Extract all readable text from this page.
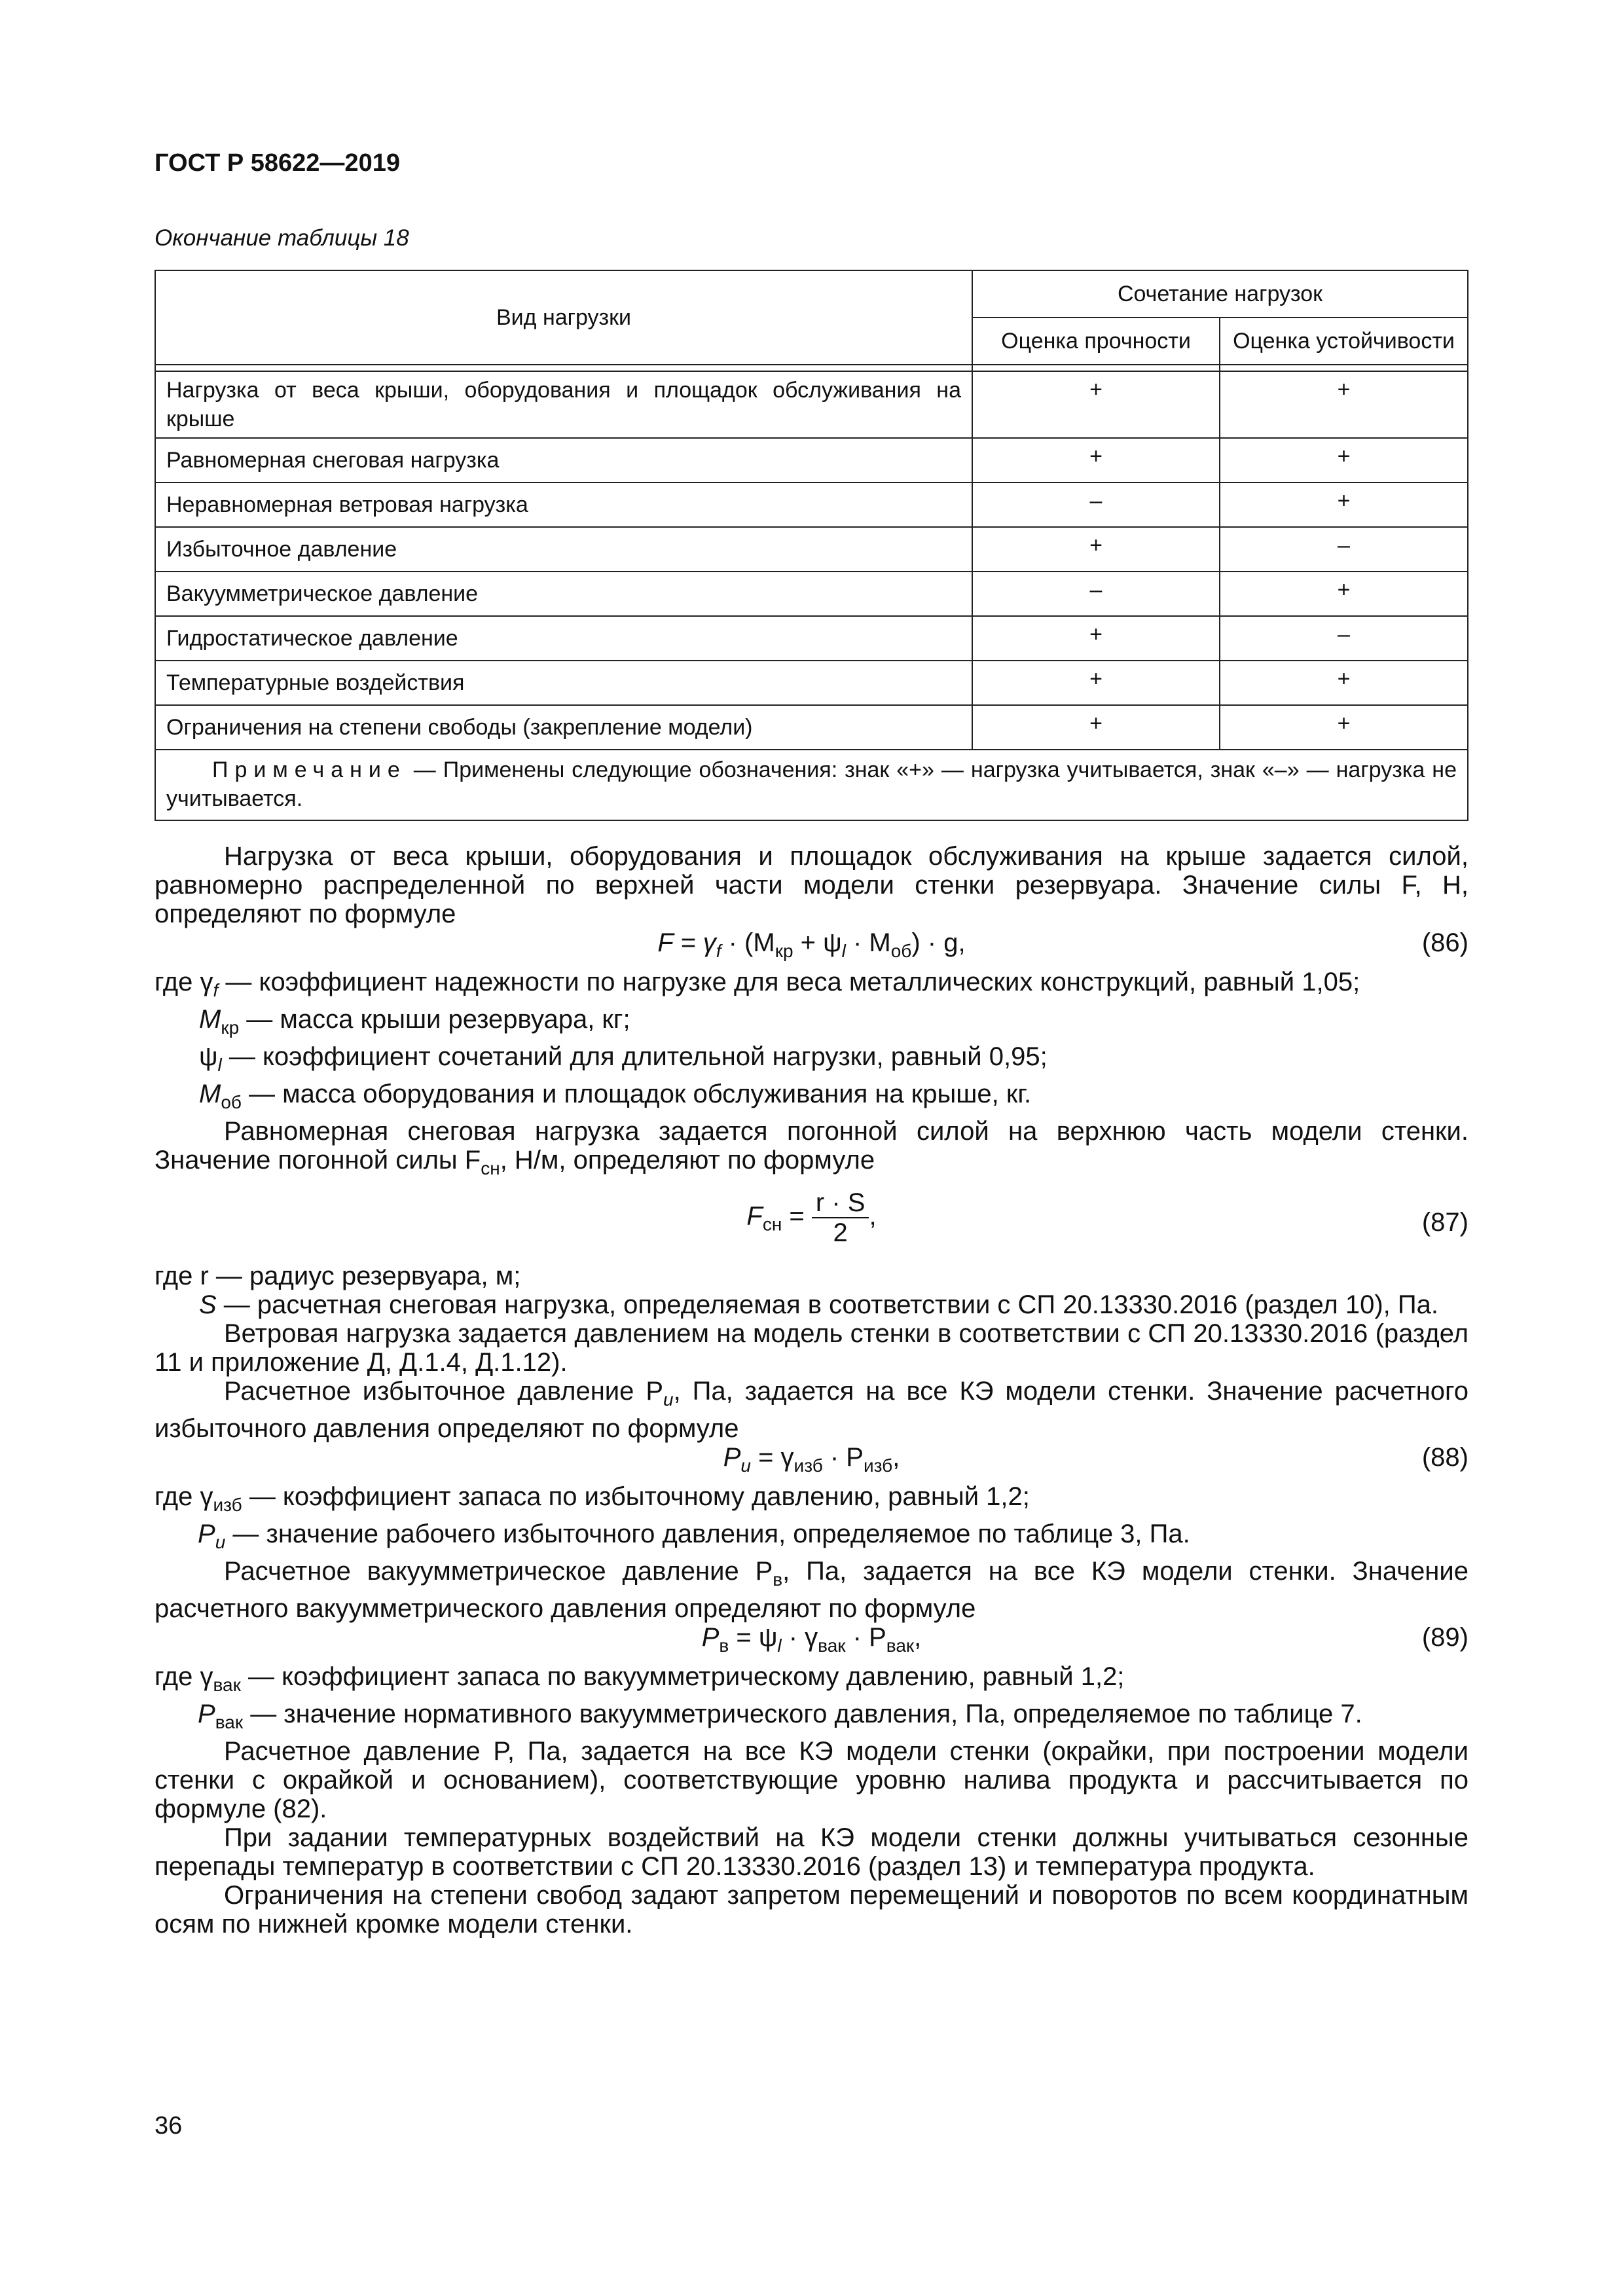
ГОСТ Р 58622—2019
Окончание таблицы 18
Вид нагрузки	Сочетание нагрузок	
	Оценка прочности	Оценка устойчивости

Нагрузка от веса крыши, оборудования и площадок обслуживания на крыше	+	+
Равномерная снеговая нагрузка	+	+
Неравномерная ветровая нагрузка	–	+
Избыточное давление	+	–
Вакуумметрическое давление	–	+
Гидростатическое давление	+	–
Температурные воздействия	+	+
Ограничения на степени свободы (закрепление модели)	+	+
Примечание — Применены следующие обозначения: знак «+» — нагрузка учитывается, знак «–» — нагрузка не учитывается.		

Нагрузка от веса крыши, оборудования и площадок обслуживания на крыше задается силой, равномерно распределенной по верхней части модели стенки резервуара. Значение силы F, Н, определяют по формуле

$F = \gamma_f \cdot (M_{кр} + \psi_l \cdot M_{об}) \cdot g$,	(86)

где $\gamma_f$ — коэффициент надежности по нагрузке для веса металлических конструкций, равный 1,05;

$M_{кр}$ — масса крыши резервуара, кг;

$\psi_l$ — коэффициент сочетаний для длительной нагрузки, равный 0,95;

$M_{об}$ — масса оборудования и площадок обслуживания на крыше, кг.

Равномерная снеговая нагрузка задается погонной силой на верхнюю часть модели стенки. Значение погонной силы $F_{сн}$, Н/м, определяют по формуле

$F_{сн} = \frac{r \cdot S}{2}$ ,	(87)

где r — радиус резервуара, м;

S — расчетная снеговая нагрузка, определяемая в соответствии с СП 20.13330.2016 (раздел 10), Па.

Ветровая нагрузка задается давлением на модель стенки в соответствии с СП 20.13330.2016 (раздел 11 и приложение Д, Д.1.4, Д.1.12).

Расчетное избыточное давление $P_u$, Па, задается на все КЭ модели стенки. Значение расчетного избыточного давления определяют по формуле

$P_u = \gamma_{изб} \cdot P_{изб}$,	(88)

где $\gamma_{изб}$ — коэффициент запаса по избыточному давлению, равный 1,2;

$P_u$ — значение рабочего избыточного давления, определяемое по таблице 3, Па.

Расчетное вакуумметрическое давление $P_в$, Па, задается на все КЭ модели стенки. Значение расчетного вакуумметрического давления определяют по формуле

$P_в = \psi_l \cdot \gamma_{вак} \cdot P_{вак}$,	(89)

где $\gamma_{вак}$ — коэффициент запаса по вакуумметрическому давлению, равный 1,2;

$P_{вак}$ — значение нормативного вакуумметрического давления, Па, определяемое по таблице 7.

Расчетное давление P, Па, задается на все КЭ модели стенки (окрайки, при построении модели стенки с окрайкой и основанием), соответствующие уровню налива продукта и рассчитывается по формуле (82).

При задании температурных воздействий на КЭ модели стенки должны учитываться сезонные перепады температур в соответствии с СП 20.13330.2016 (раздел 13) и температура продукта.

Ограничения на степени свобод задают запретом перемещений и поворотов по всем координатным осям по нижней кромке модели стенки.

36
